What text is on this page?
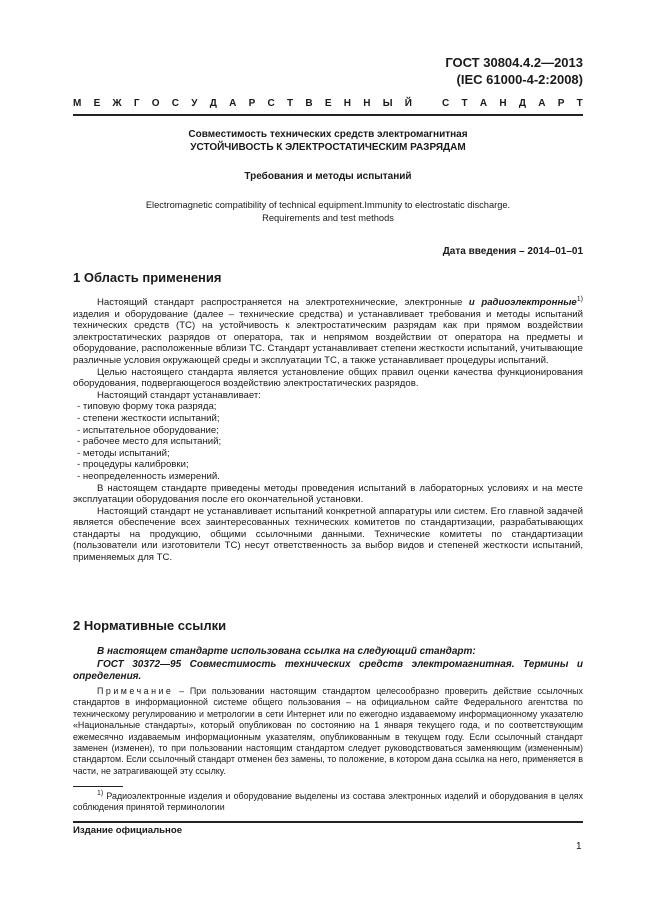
ГОСТ 30804.4.2—2013
(IEC 61000-4-2:2008)
М Е Ж Г О С У Д А Р С Т В Е Н Н Ы Й
	С Т А Н Д А Р Т
Совместимость технических средств электромагнитная
УСТОЙЧИВОСТЬ К ЭЛЕКТРОСТАТИЧЕСКИМ РАЗРЯДАМ
Требования и методы испытаний
Electromagnetic compatibility of technical equipment.Immunity to electrostatic discharge.
Requirements and test methods
Дата введения – 2014–01–01
1 Область применения

Настоящий стандарт распространяется на электротехнические, электронные и радиоэлектронные$^{1)}$ изделия и оборудование (далее – технические средства) и устанавливает требования и методы испытаний технических средств (ТС) на устойчивость к электростатическим разрядам как при прямом воздействии электростатических разрядов от оператора, так и непрямом воздействии от оператора на предметы и оборудование, расположенные вблизи ТС. Стандарт устанавливает степени жесткости испытаний, учитывающие различные условия окружающей среды и эксплуатации ТС, а также устанавливает процедуры испытаний.

Целью настоящего стандарта является установление общих правил оценки качества функционирования оборудования, подвергающегося воздействию электростатических разрядов.

Настоящий стандарт устанавливает:

- типовую форму тока разряда;
- степени жесткости испытаний;
- испытательное оборудование;
- рабочее место для испытаний;
- методы испытаний;
- процедуры калибровки;
- неопределенность измерений.

В настоящем стандарте приведены методы проведения испытаний в лабораторных условиях и на месте эксплуатации оборудования после его окончательной установки.

Настоящий стандарт не устанавливает испытаний конкретной аппаратуры или систем. Его главной задачей является обеспечение всех заинтересованных технических комитетов по стандартизации, разрабатывающих стандарты на продукцию, общими ссылочными данными. Технические комитеты по стандартизации (пользователи или изготовители ТС) несут ответственность за выбор видов и степеней жесткости испытаний, применяемых для ТС.

2 Нормативные ссылки

В настоящем стандарте использована ссылка на следующий стандарт:

ГОСТ 30372—95 Совместимость технических средств электромагнитная. Термины и определения.

Примечание – При пользовании настоящим стандартом целесообразно проверить действие ссылочных стандартов в информационной системе общего пользования – на официальном сайте Федерального агентства по техническому регулированию и метрологии в сети Интернет или по ежегодно издаваемому информационному указателю «Национальные стандарты», который опубликован по состоянию на 1 января текущего года, и по соответствующим ежемесячно издаваемым информационным указателям, опубликованным в текущем году. Если ссылочный стандарт заменен (изменен), то при пользовании настоящим стандартом следует руководствоваться заменяющим (измененным) стандартом. Если ссылочный стандарт отменен без замены, то положение, в котором дана ссылка на него, применяется в части, не затрагивающей эту ссылку.

$^{1)}$ Радиоэлектронные изделия и оборудование выделены из состава электронных изделий и оборудования в целях соблюдения принятой терминологии

Издание официальное
1
